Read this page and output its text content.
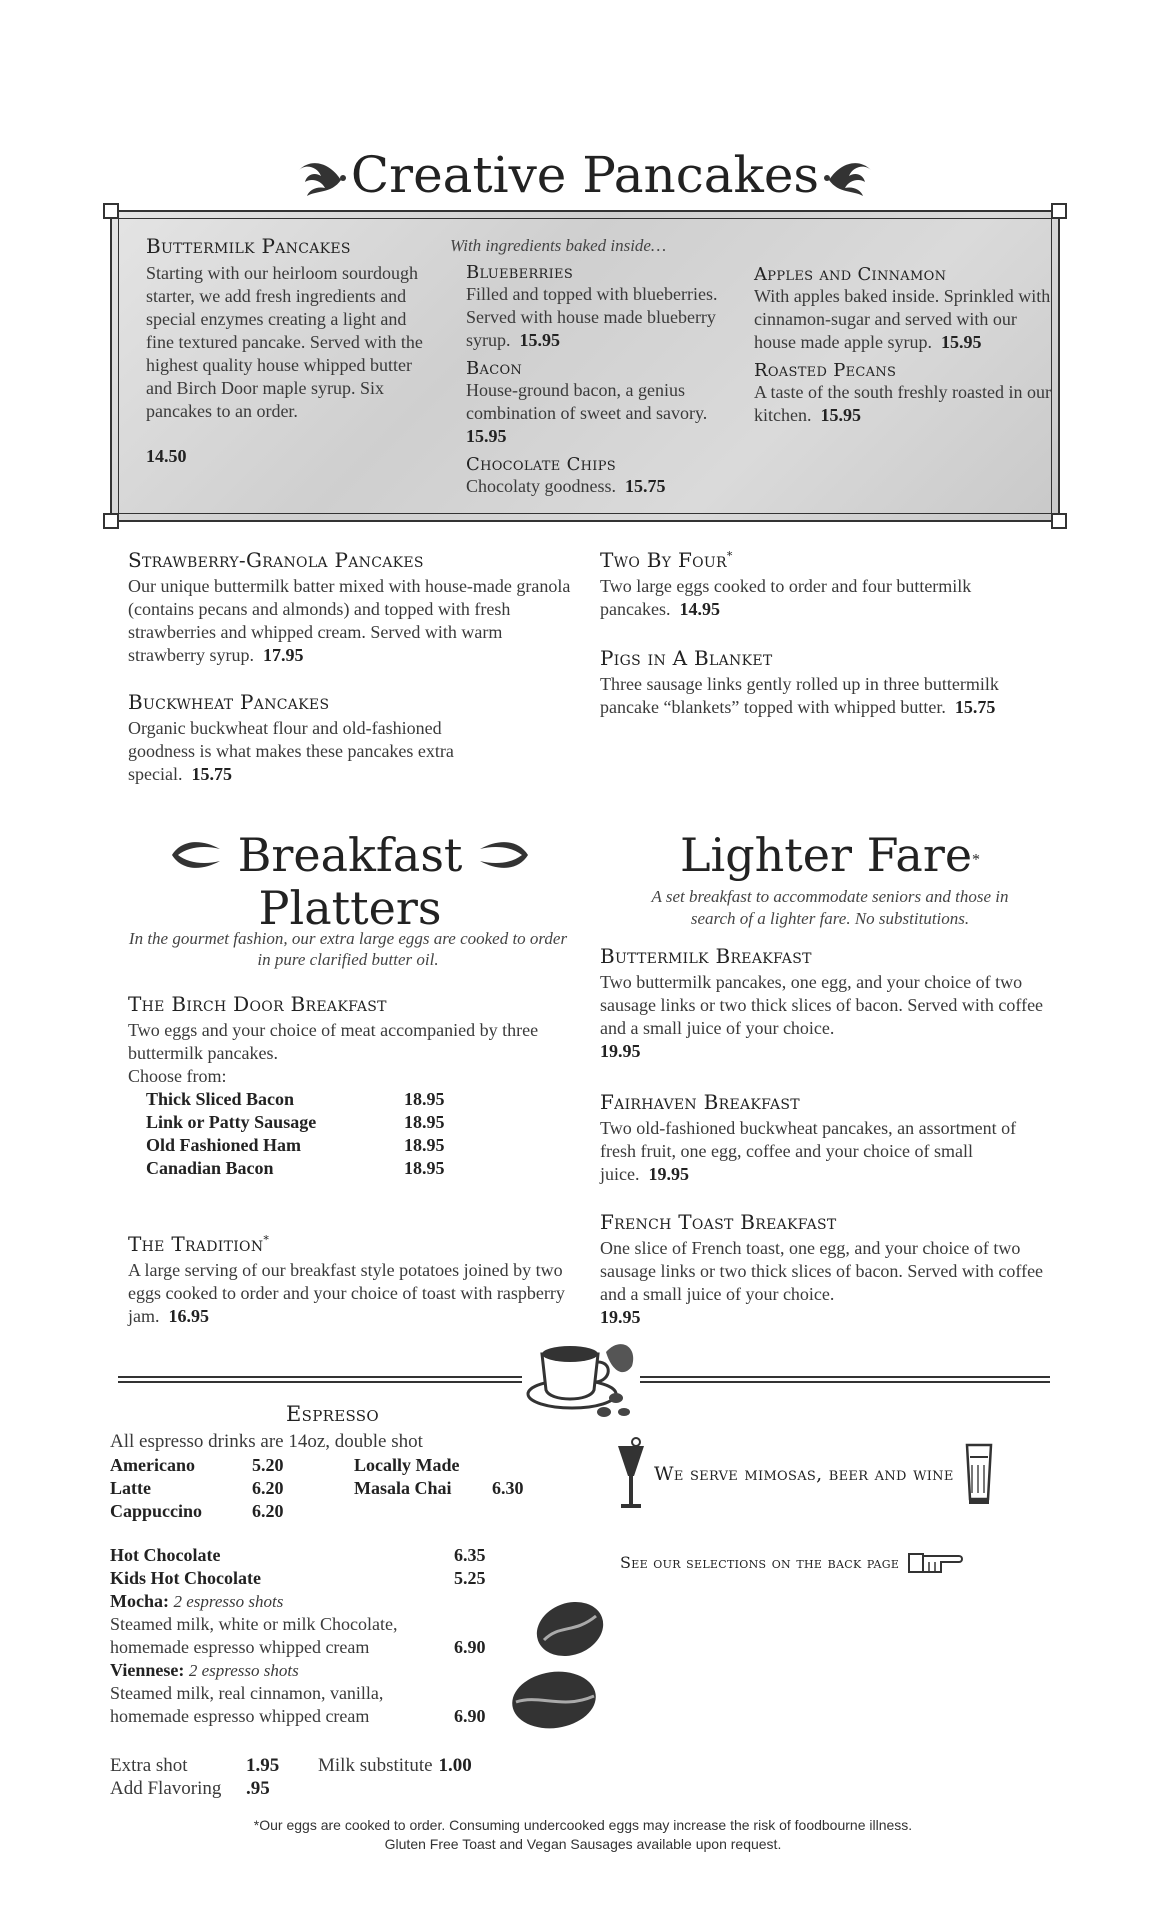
Creative Pancakes
Buttermilk Pancakes
Starting with our heirloom sourdough starter, we add fresh ingredients and special enzymes creating a light and fine textured pancake. Served with the highest quality house whipped butter and Birch Door maple syrup. Six pancakes to an order.
14.50
With ingredients baked inside…
Blueberries
Filled and topped with blueberries. Served with house made blueberry syrup. 15.95
Bacon
House-ground bacon, a genius combination of sweet and savory.  15.95
Chocolate Chips
Chocolaty goodness. 15.75
Apples and Cinnamon
With apples baked inside. Sprinkled with cinnamon-sugar and served with our house made apple syrup. 15.95
Roasted Pecans
A taste of the south freshly roasted in our kitchen. 15.95
Strawberry-Granola Pancakes
Our unique buttermilk batter mixed with house-made granola (contains pecans and almonds) and topped with fresh strawberries and whipped cream. Served with warm strawberry syrup. 17.95
Buckwheat Pancakes
Organic buckwheat flour and old-fashioned goodness is what makes these pancakes extra special. 15.75
Two By Four*
Two large eggs cooked to order and four buttermilk pancakes. 14.95
Pigs in A Blanket
Three sausage links gently rolled up in three buttermilk pancake “blankets” topped with whipped butter. 15.75
Breakfast
Platters
In the gourmet fashion, our extra large eggs are cooked to order in pure clarified butter oil.
The Birch Door Breakfast
Two eggs and your choice of meat accompanied by three buttermilk pancakes.
Choose from:
Thick Sliced Bacon	18.95
Link or Patty Sausage	18.95
Old Fashioned Ham	18.95
Canadian Bacon	18.95
The Tradition*
A large serving of our breakfast style potatoes joined by two eggs cooked to order and your choice of toast with raspberry jam. 16.95
Lighter Fare*
A set breakfast to accommodate seniors and those in search of a lighter fare. No substitutions.
Buttermilk Breakfast
Two buttermilk pancakes, one egg, and your choice of two sausage links or two thick slices of bacon. Served with coffee and a small juice of your choice.
19.95
Fairhaven Breakfast
Two old-fashioned buckwheat pancakes, an assortment of fresh fruit, one egg, coffee and your choice of small juice. 19.95
French Toast Breakfast
One slice of French toast, one egg, and your choice of two sausage links or two thick slices of bacon. Served with coffee and a small juice of your choice.
19.95
Espresso
All espresso drinks are 14oz, double shot
Americano	5.20
Latte	6.20
Cappuccino	6.20
Locally Made
Masala Chai	6.30
Hot Chocolate	6.35
Kids Hot Chocolate	5.25
Mocha: 2 espresso shots
Steamed milk, white or milk Chocolate,
homemade espresso whipped cream	6.90
Viennese: 2 espresso shots
Steamed milk, real cinnamon, vanilla,
homemade espresso whipped cream	6.90
Extra shot	1.95	Milk substitute 1.00
Add Flavoring	.95
We serve mimosas, beer and wine
See our selections on the back page
*Our eggs are cooked to order. Consuming undercooked eggs may increase the risk of foodbourne illness.
Gluten Free Toast and Vegan Sausages available upon request.
